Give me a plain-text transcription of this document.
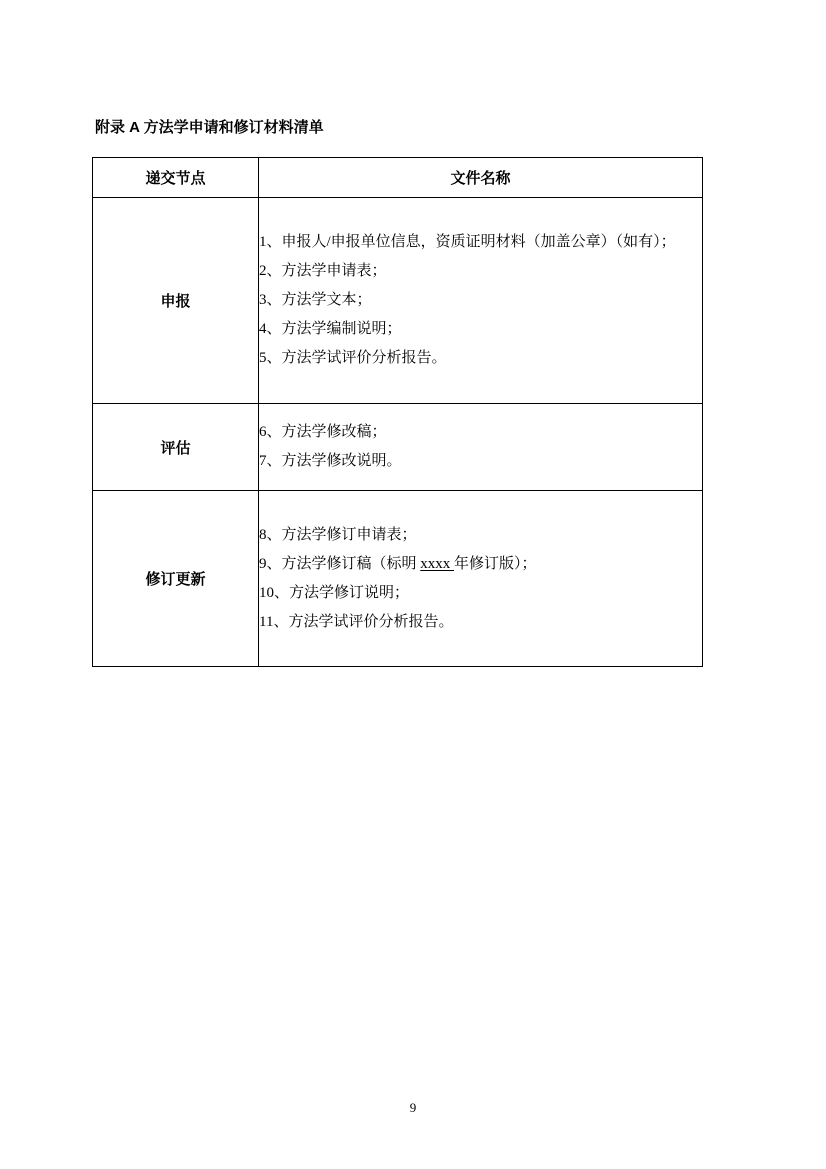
附录 A 方法学申请和修订材料清单
递交节点	文件名称
申报	1、申报人/申报单位信息，资质证明材料（加盖公章）（如有）；

2、方法学申请表；

3、方法学文本；

4、方法学编制说明；

5、方法学试评价分析报告。

评估	6、方法学修改稿；

7、方法学修改说明。

修订更新	8、方法学修订申请表；

9、方法学修订稿（标明 xxxx 年修订版）；

10、方法学修订说明；

11、方法学试评价分析报告。

9
